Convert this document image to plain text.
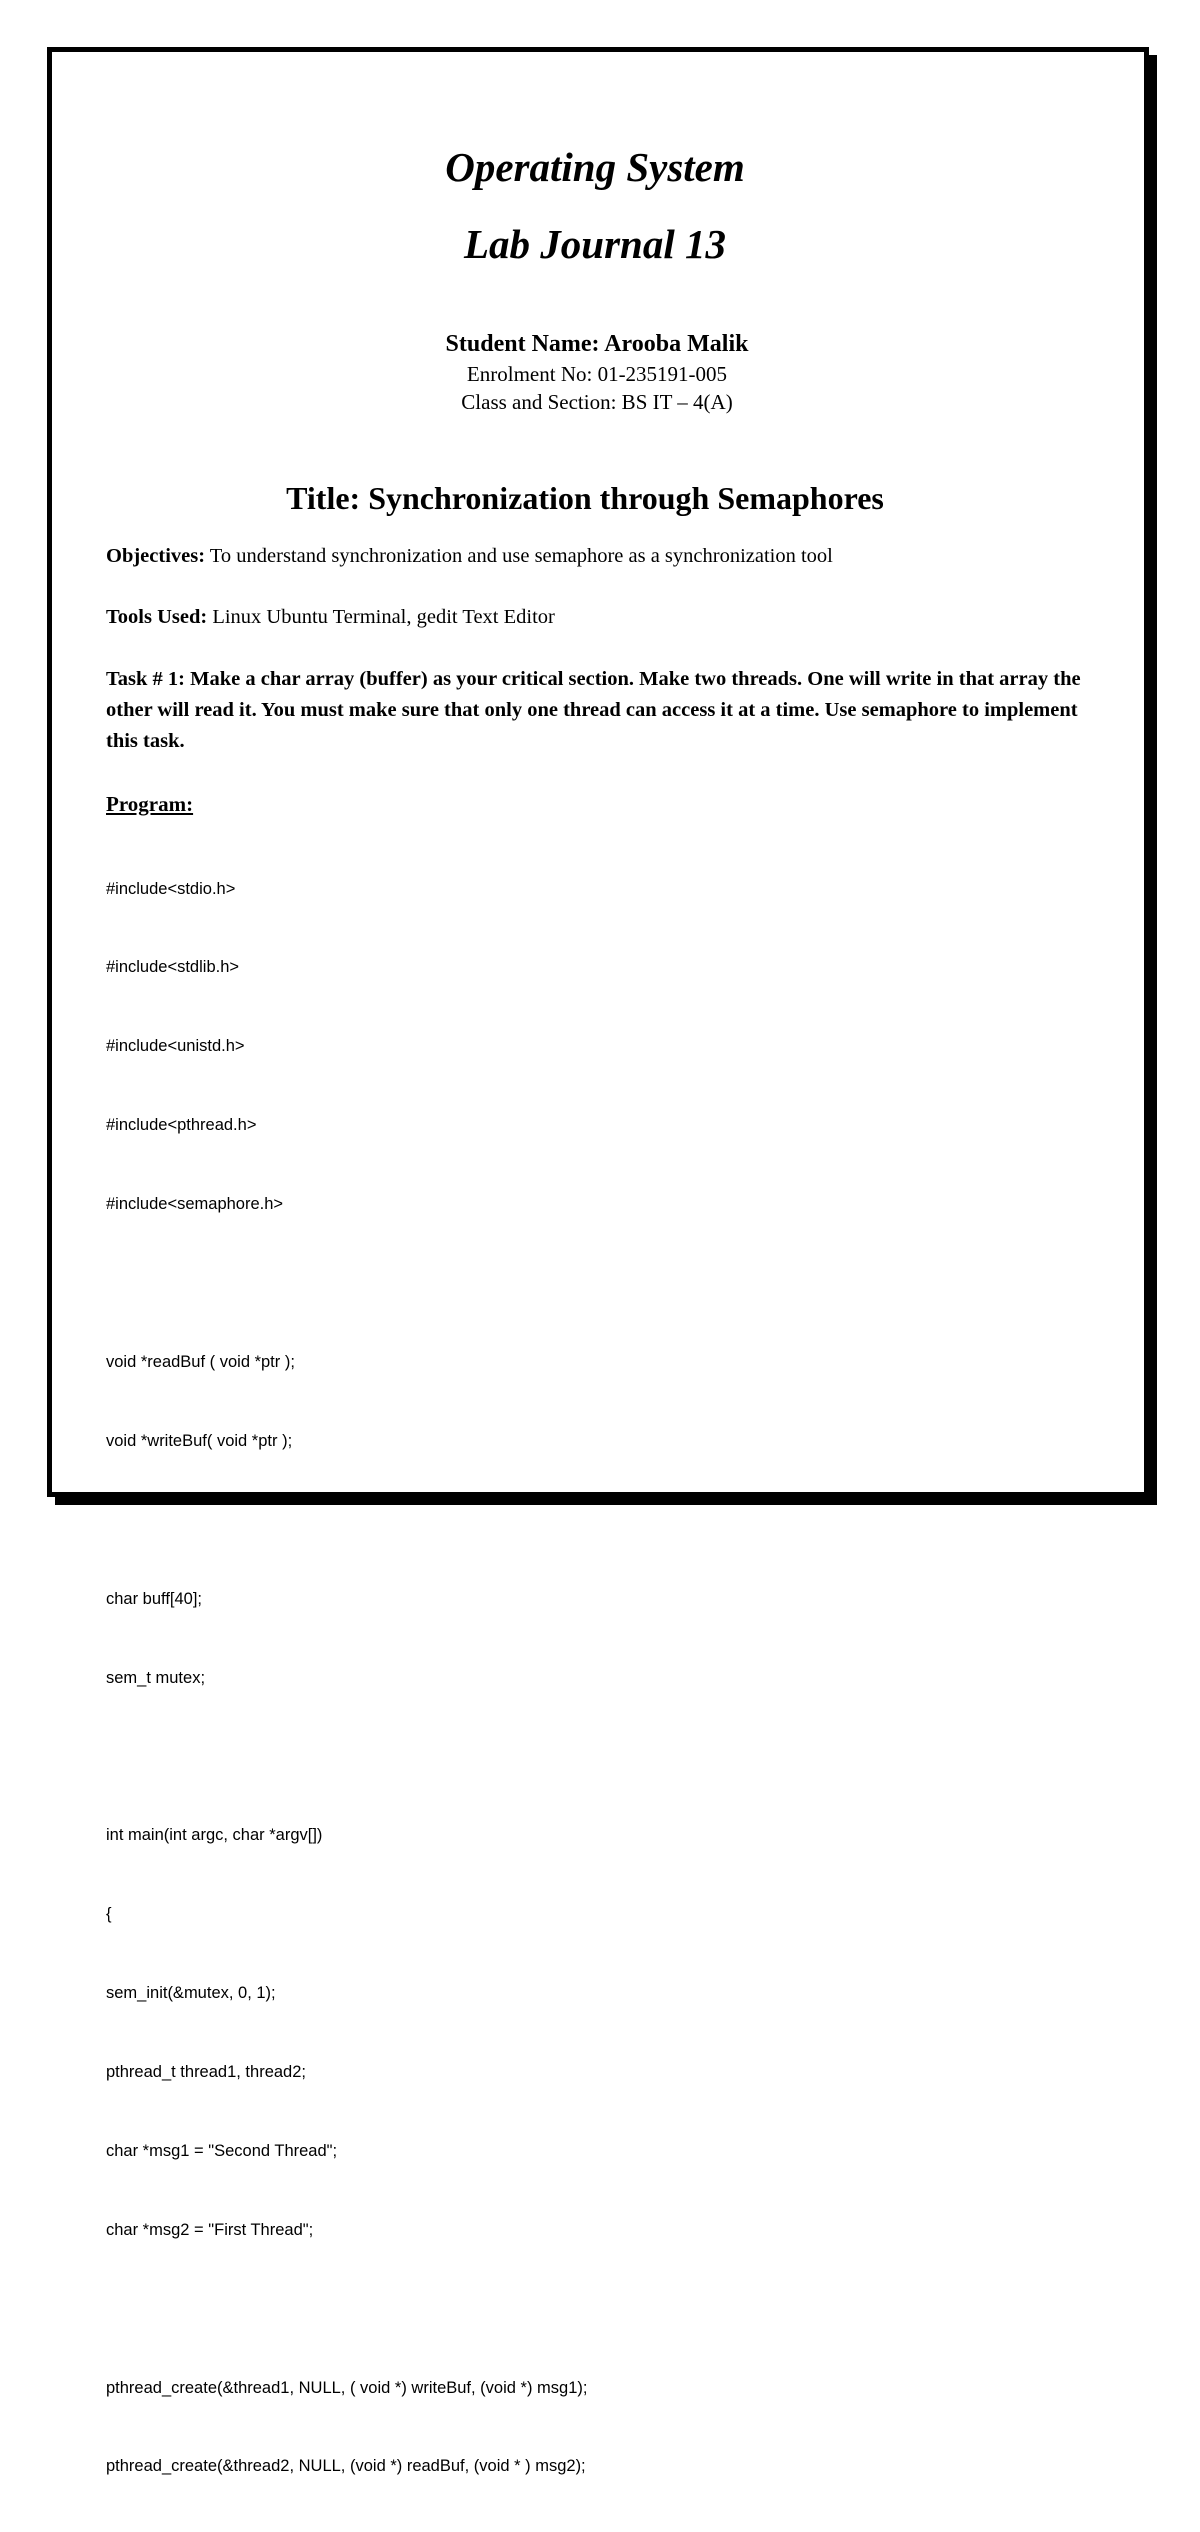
Operating System
Lab Journal 13
Student Name: Arooba Malik
Enrolment No: 01-235191-005
Class and Section: BS IT – 4(A)
Title: Synchronization through Semaphores
Objectives: To understand synchronization and use semaphore as a synchronization tool
Tools Used: Linux Ubuntu Terminal, gedit Text Editor
Task # 1: Make a char array (buffer) as your critical section. Make two threads. One will write in that array the other will read it. You must make sure that only one thread can access it at a time. Use semaphore to implement this task.
Program:

#include<stdio.h>

#include<stdlib.h>

#include<unistd.h>

#include<pthread.h>

#include<semaphore.h>

void *readBuf ( void *ptr );

void *writeBuf( void *ptr );

char buff[40];

sem_t mutex;

int main(int argc, char *argv[])

{

sem_init(&mutex, 0, 1);

pthread_t thread1, thread2;

char *msg1 = "Second Thread";

char *msg2 = "First Thread";

pthread_create(&thread1, NULL, ( void *) writeBuf, (void *) msg1);

pthread_create(&thread2, NULL, (void *) readBuf, (void * ) msg2);
